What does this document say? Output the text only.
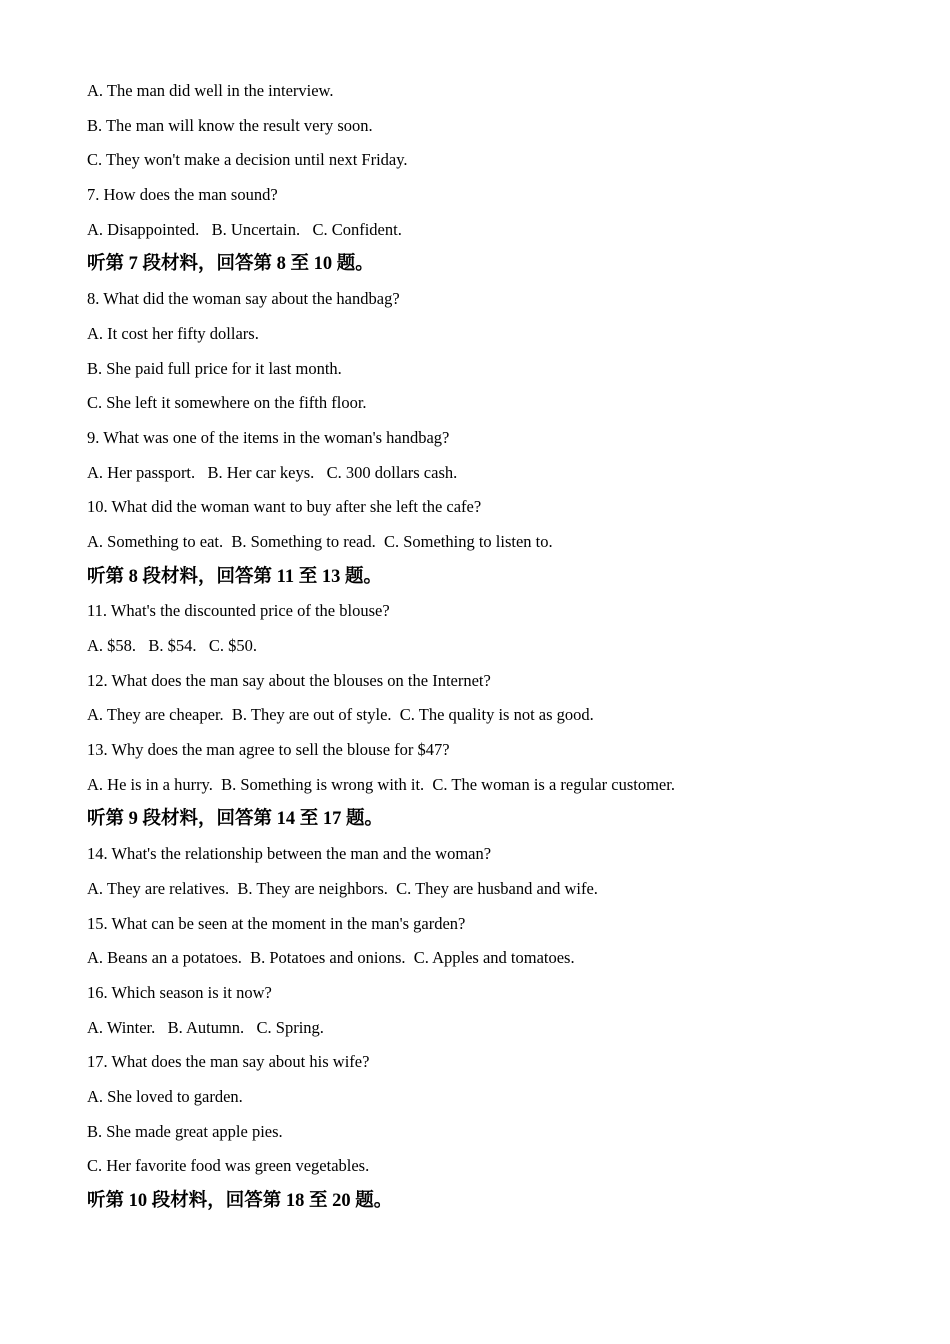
A. The man did well in the interview.
B. The man will know the result very soon.
C. They won't make a decision until next Friday.
7. How does the man sound?
A. Disappointed.   B. Uncertain.   C. Confident.
听第 7 段材料，回答第 8 至 10 题。
8. What did the woman say about the handbag?
A. It cost her fifty dollars.
B. She paid full price for it last month.
C. She left it somewhere on the fifth floor.
9. What was one of the items in the woman's handbag?
A. Her passport.   B. Her car keys.   C. 300 dollars cash.
10. What did the woman want to buy after she left the cafe?
A. Something to eat.  B. Something to read.  C. Something to listen to.
听第 8 段材料，回答第 11 至 13 题。
11. What's the discounted price of the blouse?
A. $58.   B. $54.   C. $50.
12. What does the man say about the blouses on the Internet?
A. They are cheaper.  B. They are out of style.  C. The quality is not as good.
13. Why does the man agree to sell the blouse for $47?
A. He is in a hurry.  B. Something is wrong with it.  C. The woman is a regular customer.
听第 9 段材料，回答第 14 至 17 题。
14. What's the relationship between the man and the woman?
A. They are relatives.  B. They are neighbors.  C. They are husband and wife.
15. What can be seen at the moment in the man's garden?
A. Beans an a potatoes.  B. Potatoes and onions.  C. Apples and tomatoes.
16. Which season is it now?
A. Winter.   B. Autumn.   C. Spring.
17. What does the man say about his wife?
A. She loved to garden.
B. She made great apple pies.
C. Her favorite food was green vegetables.
听第 10 段材料，回答第 18 至 20 题。
